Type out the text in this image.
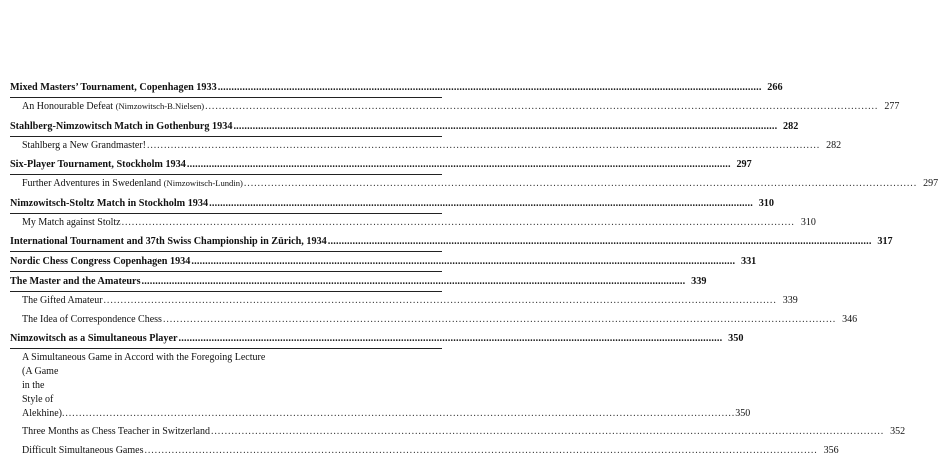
Mixed Masters’ Tournament, Copenhagen 1933 .....	266
An Honourable Defeat (Nimzowitsch-B.Nielsen) .....	277
Stahlberg-Nimzowitsch Match in Gothenburg 1934 .....	282
Stahlberg a New Grandmaster! .....	282
Six-Player Tournament, Stockholm 1934 .....	297
Further Adventures in Swedenland (Nimzowitsch-Lundin) .....	297
Nimzowitsch-Stoltz Match in Stockholm 1934 .....	310
My Match against Stoltz .....	310
International Tournament and 37th Swiss Championship in Zürich, 1934 .....	317
Nordic Chess Congress Copenhagen 1934 .....	331
The Master and the Amateurs .....	339
The Gifted Amateur .....	339
The Idea of Correspondence Chess .....	346
Nimzowitsch as a Simultaneous Player .....	350
A Simultaneous Game in Accord with the Foregoing Lecture
(A Game in the Style of Alekhine) .....	350
Three Months as Chess Teacher in Switzerland .....	352
Difficult Simultaneous Games .....	356
